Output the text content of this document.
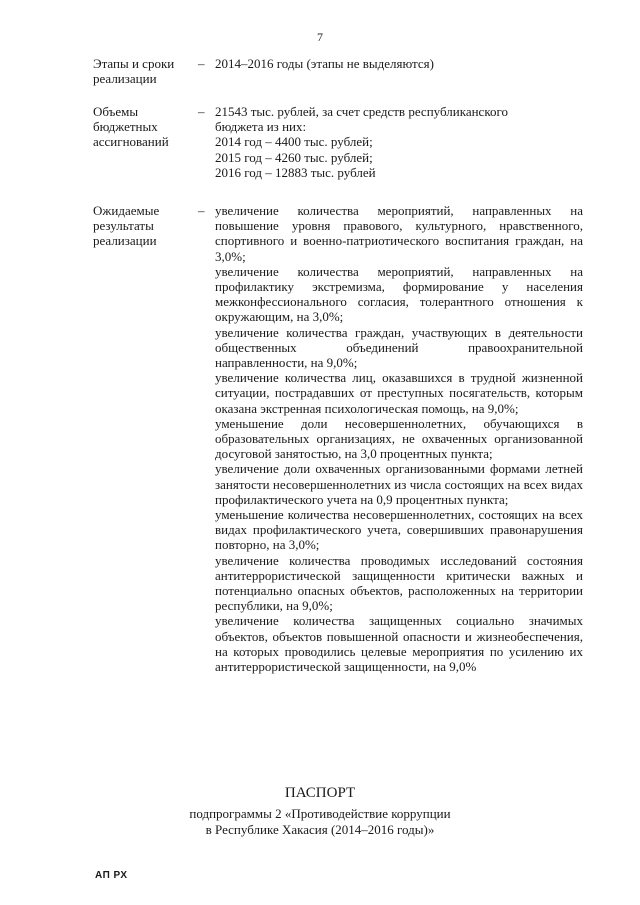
7
Этапы и сроки
реализации
– 2014–2016 годы (этапы не выделяются)
Объемы
бюджетных
ассигнований
– 21543 тыс. рублей, за счет средств республиканского
бюджета из них:
2014 год – 4400 тыс. рублей;
2015 год – 4260 тыс. рублей;
2016 год – 12883 тыс. рублей
Ожидаемые
результаты
реализации
– увеличение количества мероприятий, направленных на повышение уровня правового, культурного, нравственного, спортивного и военно-патриотического воспитания граждан, на 3,0%;
увеличение количества мероприятий, направленных на профилактику экстремизма, формирование у населения межконфессионального согласия, толерантного отношения к окружающим, на 3,0%;
увеличение количества граждан, участвующих в деятельности общественных объединений правоохранительной направленности, на 9,0%;
увеличение количества лиц, оказавшихся в трудной жизненной ситуации, пострадавших от преступных посягательств, которым оказана экстренная психологическая помощь, на 9,0%;
уменьшение доли несовершеннолетних, обучающихся в образовательных организациях, не охваченных организованной досуговой занятостью, на 3,0 процентных пункта;
увеличение доли охваченных организованными формами летней занятости несовершеннолетних из числа состоящих на всех видах профилактического учета на 0,9 процентных пункта;
уменьшение количества несовершеннолетних, состоящих на всех видах профилактического учета, совершивших правонарушения повторно, на 3,0%;
увеличение количества проводимых исследований состояния антитеррористической защищенности критически важных и потенциально опасных объектов, расположенных на территории республики, на 9,0%;
увеличение количества защищенных социально значимых объектов, объектов повышенной опасности и жизнеобеспечения, на которых проводились целевые мероприятия по усилению их антитеррористической защищенности, на 9,0%
ПАСПОРТ
подпрограммы 2 «Противодействие коррупции
в Республике Хакасия (2014–2016 годы)»
АП РХ
